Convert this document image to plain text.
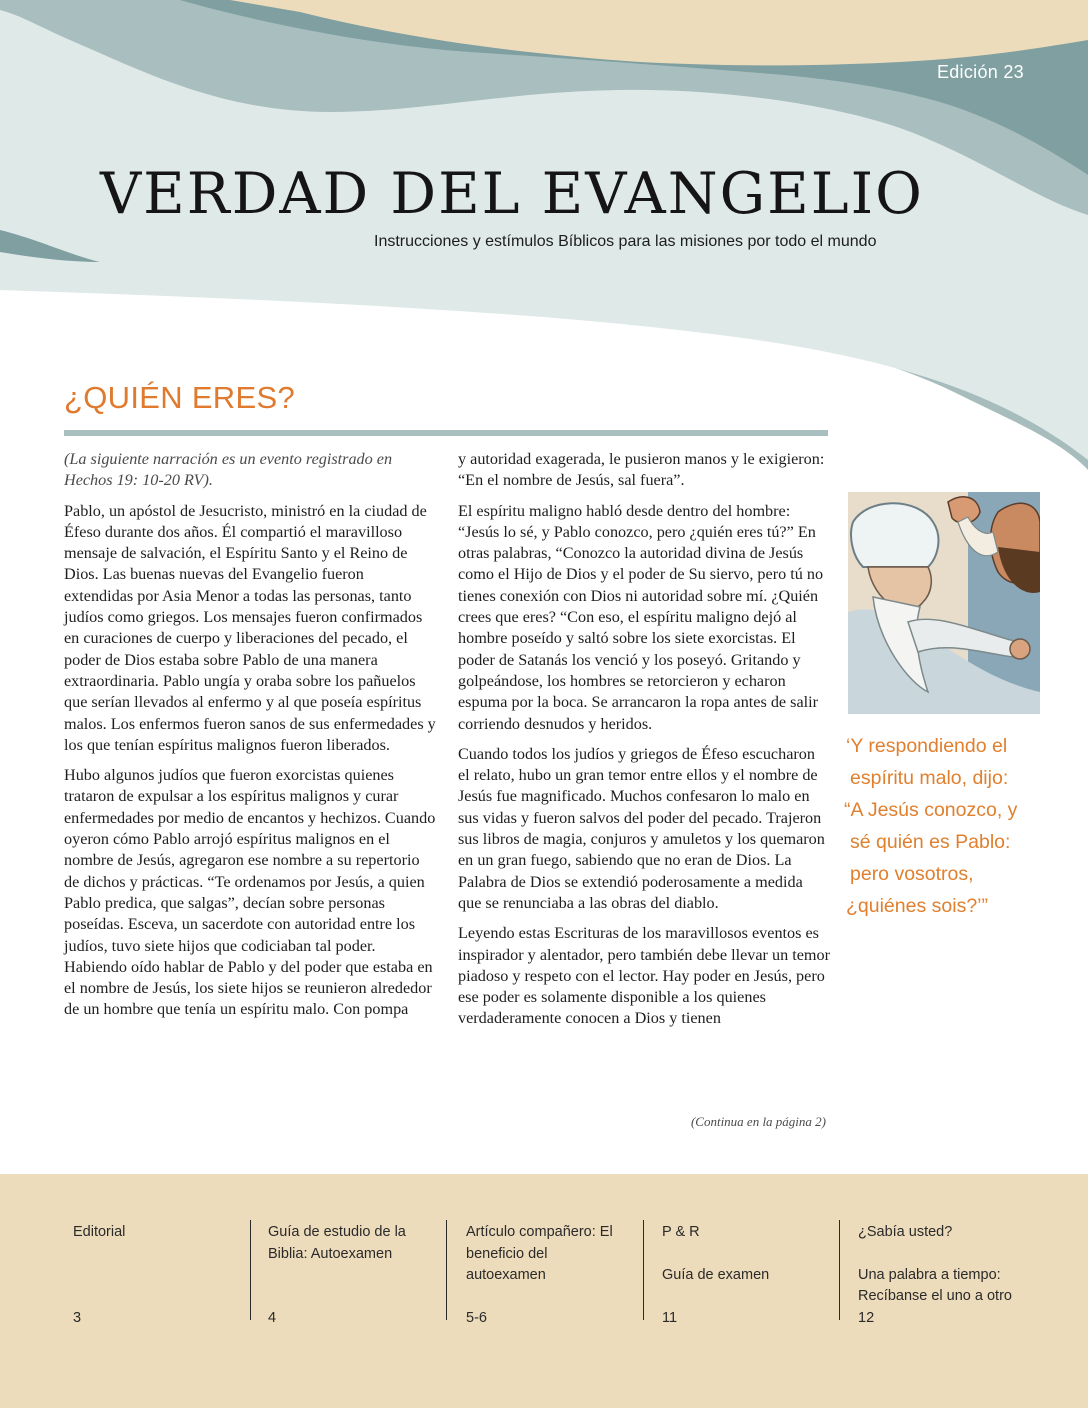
Edición 23
VERDAD DEL EVANGELIO
Instrucciones y estímulos Bíblicos para las misiones por todo el mundo
¿QUIÉN ERES?

(La siguiente narración es un evento registrado en Hechos 19: 10-20 RV).

Pablo, un apóstol de Jesucristo, ministró en la ciudad de Éfeso durante dos años. Él compartió el maravilloso mensaje de salvación, el Espíritu Santo y el Reino de Dios. Las buenas nuevas del Evangelio fueron extendidas por Asia Menor a todas las personas, tanto judíos como griegos. Los mensajes fueron confirmados en curaciones de cuerpo y liberaciones del pecado, el poder de Dios estaba sobre Pablo de una manera extraordinaria. Pablo ungía y oraba sobre los pañuelos que serían llevados al enfermo y al que poseía espíritus malos. Los enfermos fueron sanos de sus enfermedades y los que tenían espíritus malignos fueron liberados.

Hubo algunos judíos que fueron exorcistas quienes trataron de expulsar a los espíritus malignos y curar enfermedades por medio de encantos y hechizos. Cuando oyeron cómo Pablo arrojó espíritus malignos en el nombre de Jesús, agregaron ese nombre a su repertorio de dichos y prácticas. “Te ordenamos por Jesús, a quien Pablo predica, que salgas”, decían sobre personas poseídas. Esceva, un sacerdote con autoridad entre los judíos, tuvo siete hijos que codiciaban tal poder. Habiendo oído hablar de Pablo y del poder que estaba en el nombre de Jesús, los siete hijos se reunieron alrededor de un hombre que tenía un espíritu malo. Con pompa

y autoridad exagerada, le pusieron manos y le exigieron: “En el nombre de Jesús, sal fuera”.

El espíritu maligno habló desde dentro del hombre: “Jesús lo sé, y Pablo conozco, pero ¿quién eres tú?” En otras palabras, “Conozco la autoridad divina de Jesús como el Hijo de Dios y el poder de Su siervo, pero tú no tienes conexión con Dios ni autoridad sobre mí. ¿Quién crees que eres? “Con eso, el espíritu maligno dejó al hombre poseído y saltó sobre los siete exorcistas. El poder de Satanás los venció y los poseyó. Gritando y golpeándose, los hombres se retorcieron y echaron espuma por la boca. Se arrancaron la ropa antes de salir corriendo desnudos y heridos.

Cuando todos los judíos y griegos de Éfeso escucharon el relato, hubo un gran temor entre ellos y el nombre de Jesús fue magnificado. Muchos confesaron lo malo en sus vidas y fueron salvos del poder del pecado. Trajeron sus libros de magia, conjuros y amuletos y los quemaron en un gran fuego, sabiendo que no eran de Dios. La Palabra de Dios se extendió poderosamente a medida que se renunciaba a las obras del diablo.

Leyendo estas Escrituras de los maravillosos eventos es inspirador y alentador, pero también debe llevar un temor piadoso y respeto con el lector. Hay poder en Jesús, pero ese poder es solamente disponible a los quienes verdaderamente conocen a Dios y tienen

(Continua en la página 2)
‘Y respondiendo el
espíritu malo, dijo:
“A Jesús conozco, y
sé quién es Pablo:
pero vosotros,
¿quiénes sois?’”
Editorial
3
Guía de estudio de la Biblia: Autoexamen
4
Artículo compañero: El beneficio del autoexamen
5-6
P & R
Guía de examen
11
¿Sabía usted?
Una palabra a tiempo: Recíbanse el uno a otro
12
